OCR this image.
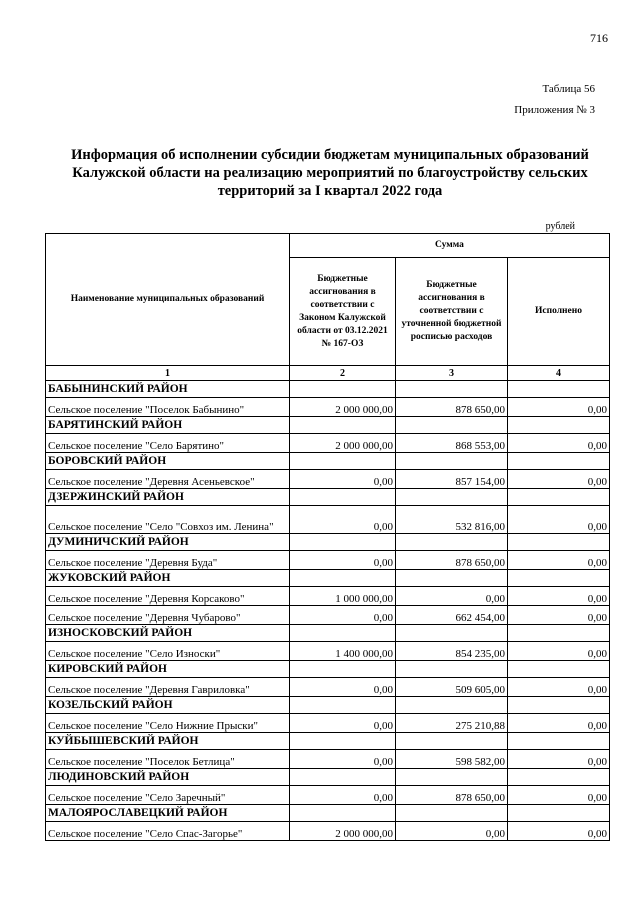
716
Таблица 56
Приложения № 3
Информация об исполнении субсидии бюджетам муниципальных образований Калужской области на реализацию мероприятий по благоустройству сельских территорий за I квартал 2022 года
рублей
Наименование муниципальных образований	Сумма		
	Бюджетные ассигнования в соответствии с Законом Калужской области от 03.12.2021 № 167-ОЗ	Бюджетные ассигнования в соответствии с уточненной бюджетной росписью расходов	Исполнено
1	2	3	4
БАБЫНИНСКИЙ РАЙОН			
Сельское поселение "Поселок Бабынино"	2 000 000,00	878 650,00	0,00
БАРЯТИНСКИЙ РАЙОН			
Сельское поселение "Село Барятино"	2 000 000,00	868 553,00	0,00
БОРОВСКИЙ РАЙОН			
Сельское поселение "Деревня Асеньевское"	0,00	857 154,00	0,00
ДЗЕРЖИНСКИЙ РАЙОН			
Сельское поселение "Село "Совхоз им. Ленина"	0,00	532 816,00	0,00
ДУМИНИЧСКИЙ РАЙОН			
Сельское поселение "Деревня Буда"	0,00	878 650,00	0,00
ЖУКОВСКИЙ РАЙОН			
Сельское поселение "Деревня Корсаково"	1 000 000,00	0,00	0,00
Сельское поселение "Деревня Чубарово"	0,00	662 454,00	0,00
ИЗНОСКОВСКИЙ РАЙОН			
Сельское поселение "Село Износки"	1 400 000,00	854 235,00	0,00
КИРОВСКИЙ РАЙОН			
Сельское поселение "Деревня Гавриловка"	0,00	509 605,00	0,00
КОЗЕЛЬСКИЙ РАЙОН			
Сельское поселение "Село Нижние Прыски"	0,00	275 210,88	0,00
КУЙБЫШЕВСКИЙ РАЙОН			
Сельское поселение "Поселок Бетлица"	0,00	598 582,00	0,00
ЛЮДИНОВСКИЙ РАЙОН			
Сельское поселение "Село Заречный"	0,00	878 650,00	0,00
МАЛОЯРОСЛАВЕЦКИЙ РАЙОН			
Сельское поселение "Село Спас-Загорье"	2 000 000,00	0,00	0,00
